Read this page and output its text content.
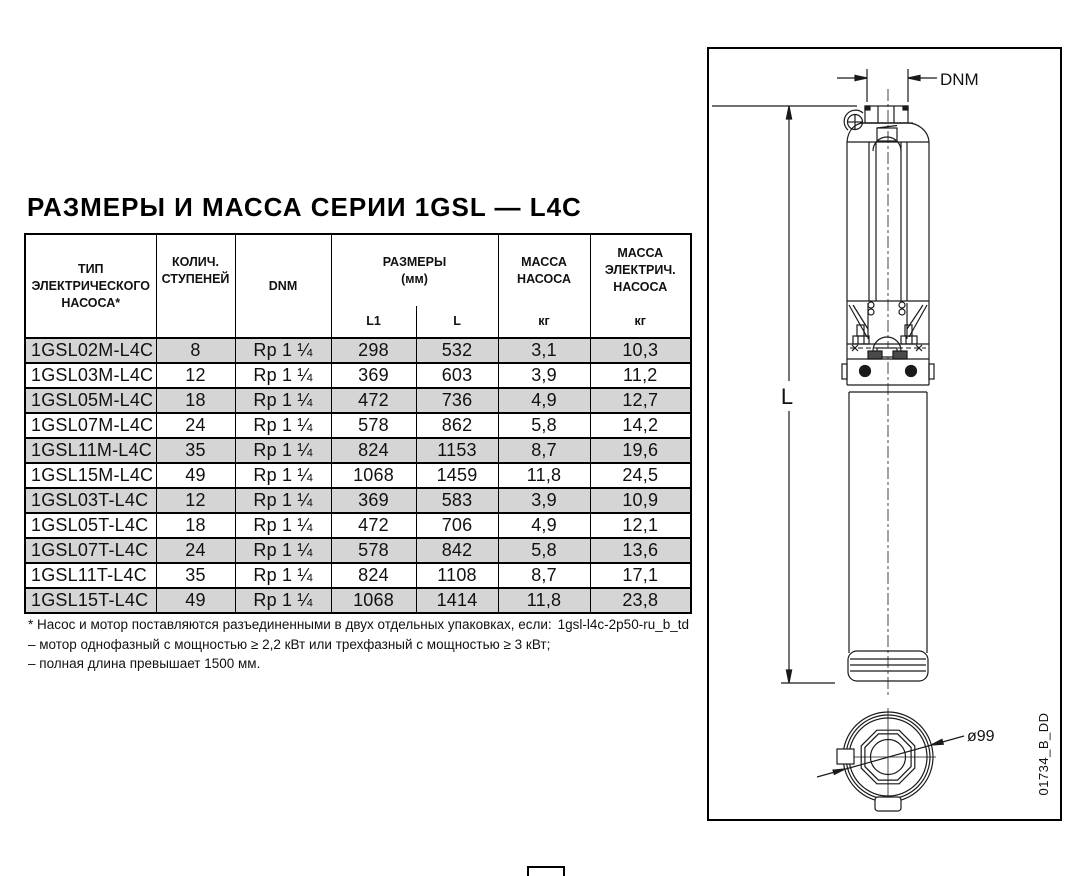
РАЗМЕРЫ И МАССА СЕРИИ 1GSL — L4C
ТИП
ЭЛЕКТРИЧЕСКОГО
НАСОСА*

КОЛИЧ.
СТУПЕНЕЙ	DNM

РАЗМЕРЫ
(мм)
L1	L

МАССА
НАСОСА
кг

МАССА
ЭЛЕКТРИЧ.
НАСОСА
кг

1GSL02M-L4C	8	Rp 1 ¼	298	532	3,1	10,3
1GSL03M-L4C	12	Rp 1 ¼	369	603	3,9	11,2
1GSL05M-L4C	18	Rp 1 ¼	472	736	4,9	12,7
1GSL07M-L4C	24	Rp 1 ¼	578	862	5,8	14,2
1GSL11M-L4C	35	Rp 1 ¼	824	1153	8,7	19,6
1GSL15M-L4C	49	Rp 1 ¼	1068	1459	11,8	24,5
1GSL03T-L4C	12	Rp 1 ¼	369	583	3,9	10,9
1GSL05T-L4C	18	Rp 1 ¼	472	706	4,9	12,1
1GSL07T-L4C	24	Rp 1 ¼	578	842	5,8	13,6
1GSL11T-L4C	35	Rp 1 ¼	824	1108	8,7	17,1
1GSL15T-L4C	49	Rp 1 ¼	1068	1414	11,8	23,8
* Насос и мотор поставляются разъединенными в двух отдельных упаковках, если: 1gsl-l4c-2p50-ru_b_td
– мотор однофазный с мощностью ≥ 2,2 кВт или трехфазный с мощностью ≥ 3 кВт;
– полная длина превышает 1500 мм.
DNM
L
ø99	01734_B_DD
